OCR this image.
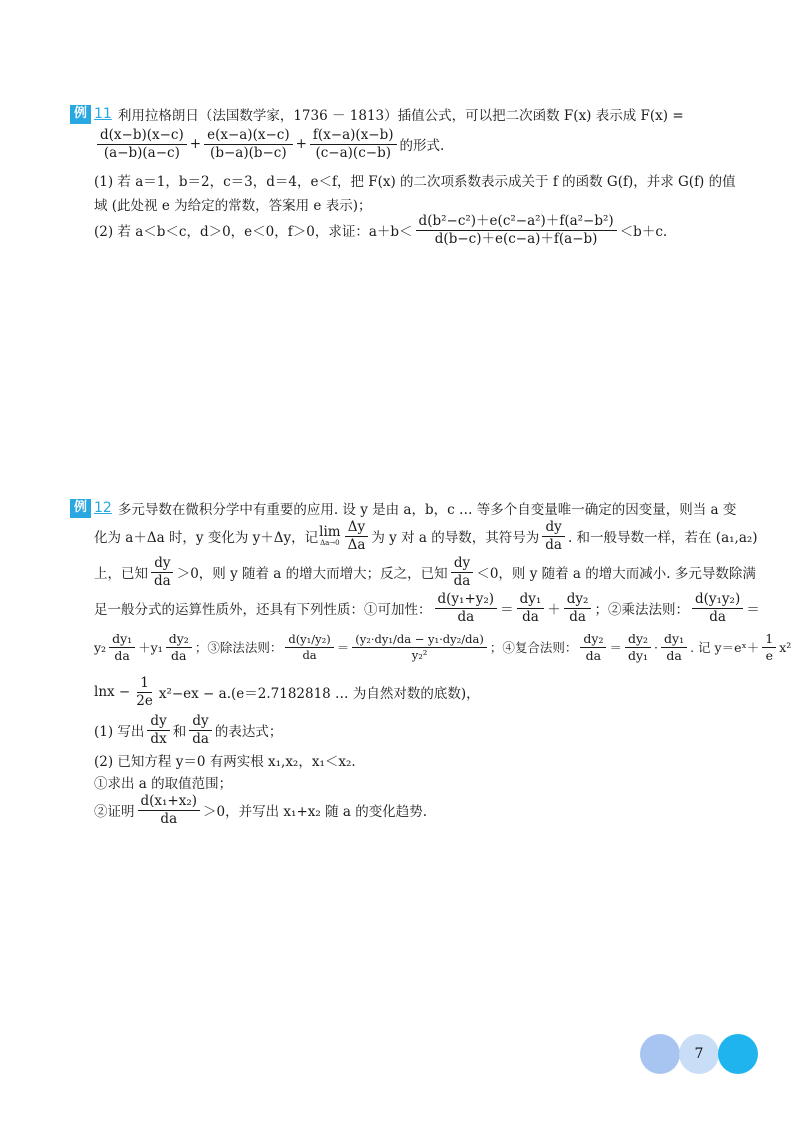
例 11 利用拉格朗日（法国数学家，1736 － 1813）插值公式，可以把二次函数 F(x) 表示成 F(x) =
$\frac{d(x-b)(x-c)}{(a-b)(a-c)} + \frac{e(x-a)(x-c)}{(b-a)(b-c)} + \frac{f(x-a)(x-b)}{(c-a)(c-b)}$ 的形式.
(1) 若 a＝1，b＝2，c＝3，d＝4，e＜f，把 F(x) 的二次项系数表示成关于 f 的函数 G(f)，并求 G(f) 的值
域 (此处视 e 为给定的常数，答案用 e 表示)；
(2) 若 a＜b＜c，d＞0，e＜0，f＞0，求证：$a+b< \frac{\text{d(b²−c²)＋e(c²−a²)＋f(a²−b²)}}{d(b-c)+e(c-a)+f(a-b)} <b+c$.
例 12 多元导数在微积分学中有重要的应用. 设 y 是由 a，b，c … 等多个自变量唯一确定的因变量，则当 a 变
化为 a＋Δa 时，y 变化为 y＋Δy，记 lim
$\Delta a\to 0 \frac{\Delta y}{\Delta a}$ 为 y 对 a 的导数，其符号为 $\frac{dy}{da}$ . 和一般导数一样，若在 (a₁,a₂)
上，已知 $\frac{dy}{da} >0$，则 y 随着 a 的增大而增大；反之，已知 $\frac{dy}{da} <0$，则 y 随着 a 的增大而减小. 多元导数除满
足一般分式的运算性质外，还具有下列性质：①可加性： $\frac{\text{d(y₁+y₂)}}{da} = \frac{\text{dy₁}}{da} + \frac{\text{dy₂}}{da}$ ；②乘法法则： $\frac{\text{d(y₁y₂)}}{da}$ ＝
$y_2 \frac{\text{dy₁}}{da} +y_1 \frac{\text{dy₂}}{da}$ ；③除法法则： $\frac{\text{d(y₁/y₂)}}{da} = \frac{\text{(y₂·dy₁/da − y₁·dy₂/da)}}{\text{y₂²}}$ ；④复合法则： $\frac{\text{dy₂}}{da} = \frac{\text{dy₂}}{\text{dy₁}} \cdot \frac{\text{dy₁}}{da}$ . 记 y＝eˣ＋ $\frac{1}{e} x^2$
$\ln x - \frac{1}{2e} x^2-ex - a.(e=2.7182818$ … 为自然对数的底数)，
(1) 写出 $\frac{dy}{dx}$ 和 $\frac{dy}{da}$ 的表达式；
(2) 已知方程 y＝0 有两实根 x₁,x₂，x₁＜x₂.
①求出 a 的取值范围；
②证明 $\frac{\text{d(x₁+x₂)}}{da} >0$，并写出 x₁+x₂ 随 a 的变化趋势.
7
